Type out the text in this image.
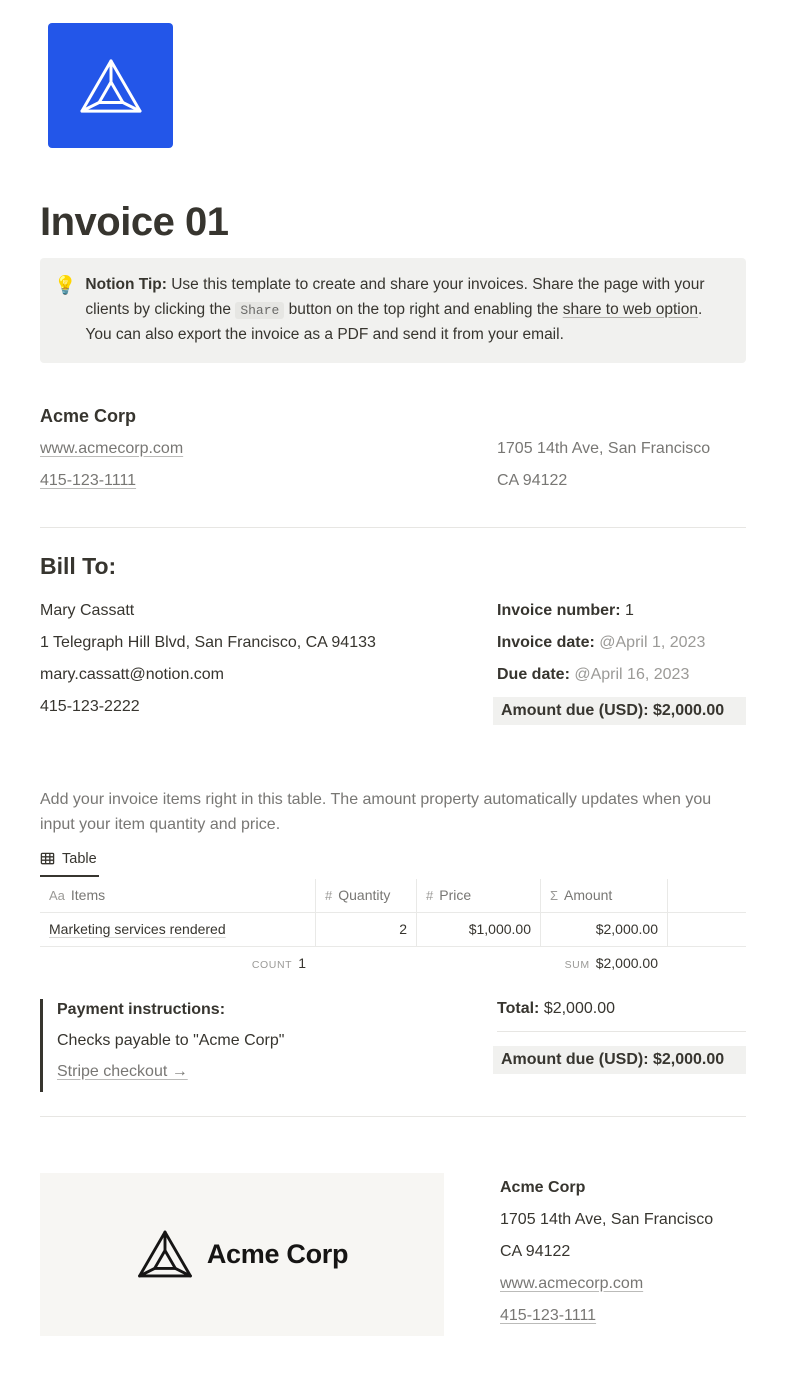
Invoice 01
💡 Notion Tip: Use this template to create and share your invoices. Share the page with your clients by clicking the Share button on the top right and enabling the share to web option. You can also export the invoice as a PDF and send it from your email.
Acme Corp
www.acmecorp.com
415-123-1111
1705 14th Ave, San Francisco
CA 94122
Bill To:
Mary Cassatt
1 Telegraph Hill Blvd, San Francisco, CA 94133
mary.cassatt@notion.com
415-123-2222
Invoice number: 1
Invoice date: @April 1, 2023
Due date: @April 16, 2023
Amount due (USD): $2,000.00

Add your invoice items right in this table. The amount property automatically updates when you input your item quantity and price.

Table
Aa Items	# Quantity	# Price	Σ Amount
Marketing services rendered	2	$1,000.00	$2,000.00
COUNT 1	SUM $2,000.00
Payment instructions:
Checks payable to "Acme Corp"
Stripe checkout →
Total: $2,000.00
Amount due (USD): $2,000.00
Acme Corp
Acme Corp
1705 14th Ave, San Francisco
CA 94122
www.acmecorp.com
415-123-1111
